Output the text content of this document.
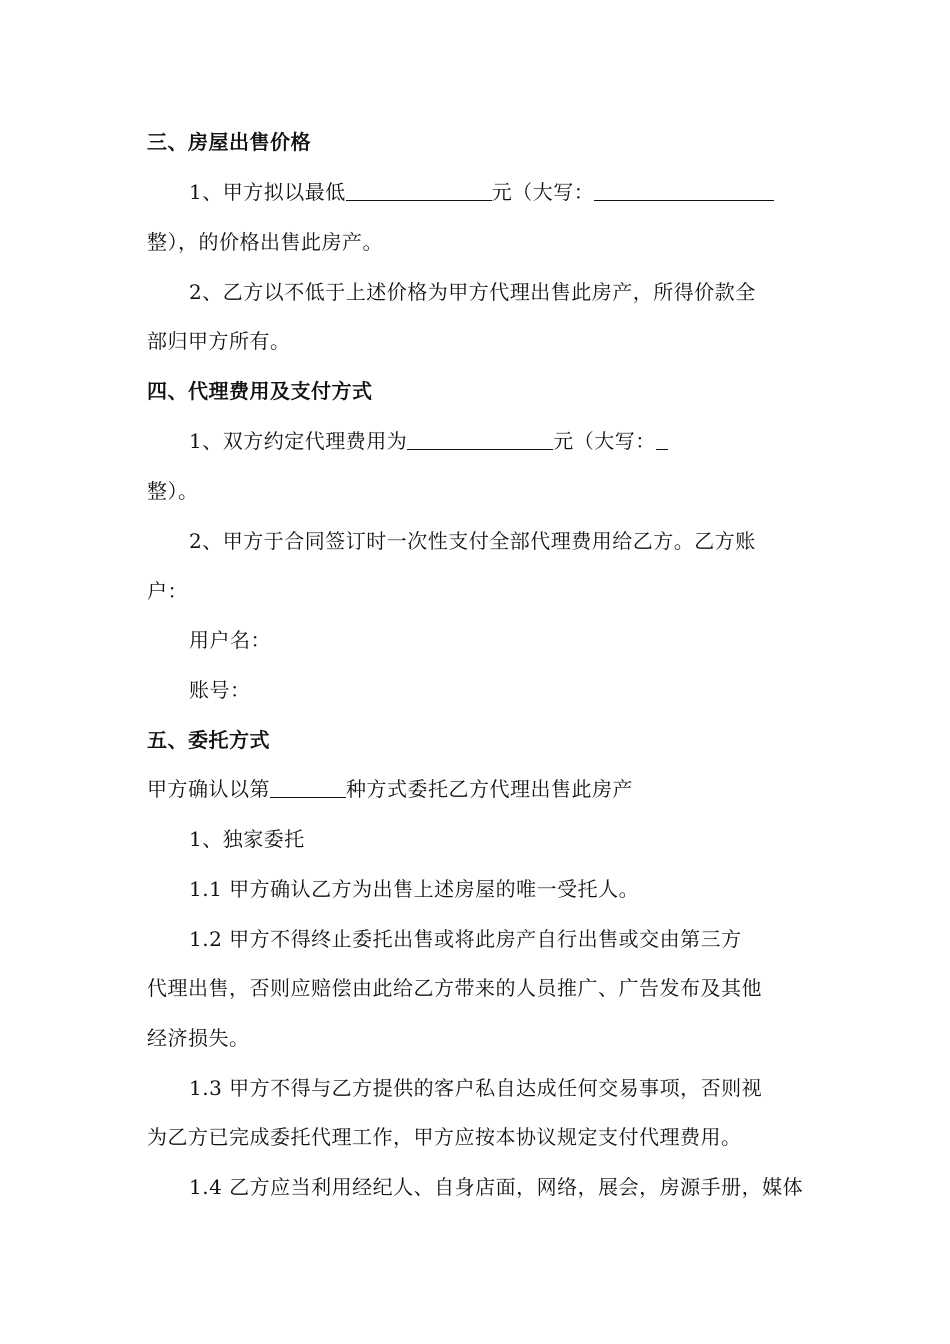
三、房屋出售价格
1、甲方拟以最低	元（大写：
整），的价格出售此房产。
2、乙方以不低于上述价格为甲方代理出售此房产，所得价款全
部归甲方所有。
四、代理费用及支付方式
1、双方约定代理费用为	元（大写：
整）。
2、甲方于合同签订时一次性支付全部代理费用给乙方。乙方账
户：
用户名：
账号：
五、委托方式
甲方确认以第	种方式委托乙方代理出售此房产
1、独家委托
1.1 甲方确认乙方为出售上述房屋的唯一受托人。
1.2 甲方不得终止委托出售或将此房产自行出售或交由第三方
代理出售，否则应赔偿由此给乙方带来的人员推广、广告发布及其他
经济损失。
1.3 甲方不得与乙方提供的客户私自达成任何交易事项，否则视
为乙方已完成委托代理工作，甲方应按本协议规定支付代理费用。
1.4 乙方应当利用经纪人、自身店面，网络，展会，房源手册，媒体
